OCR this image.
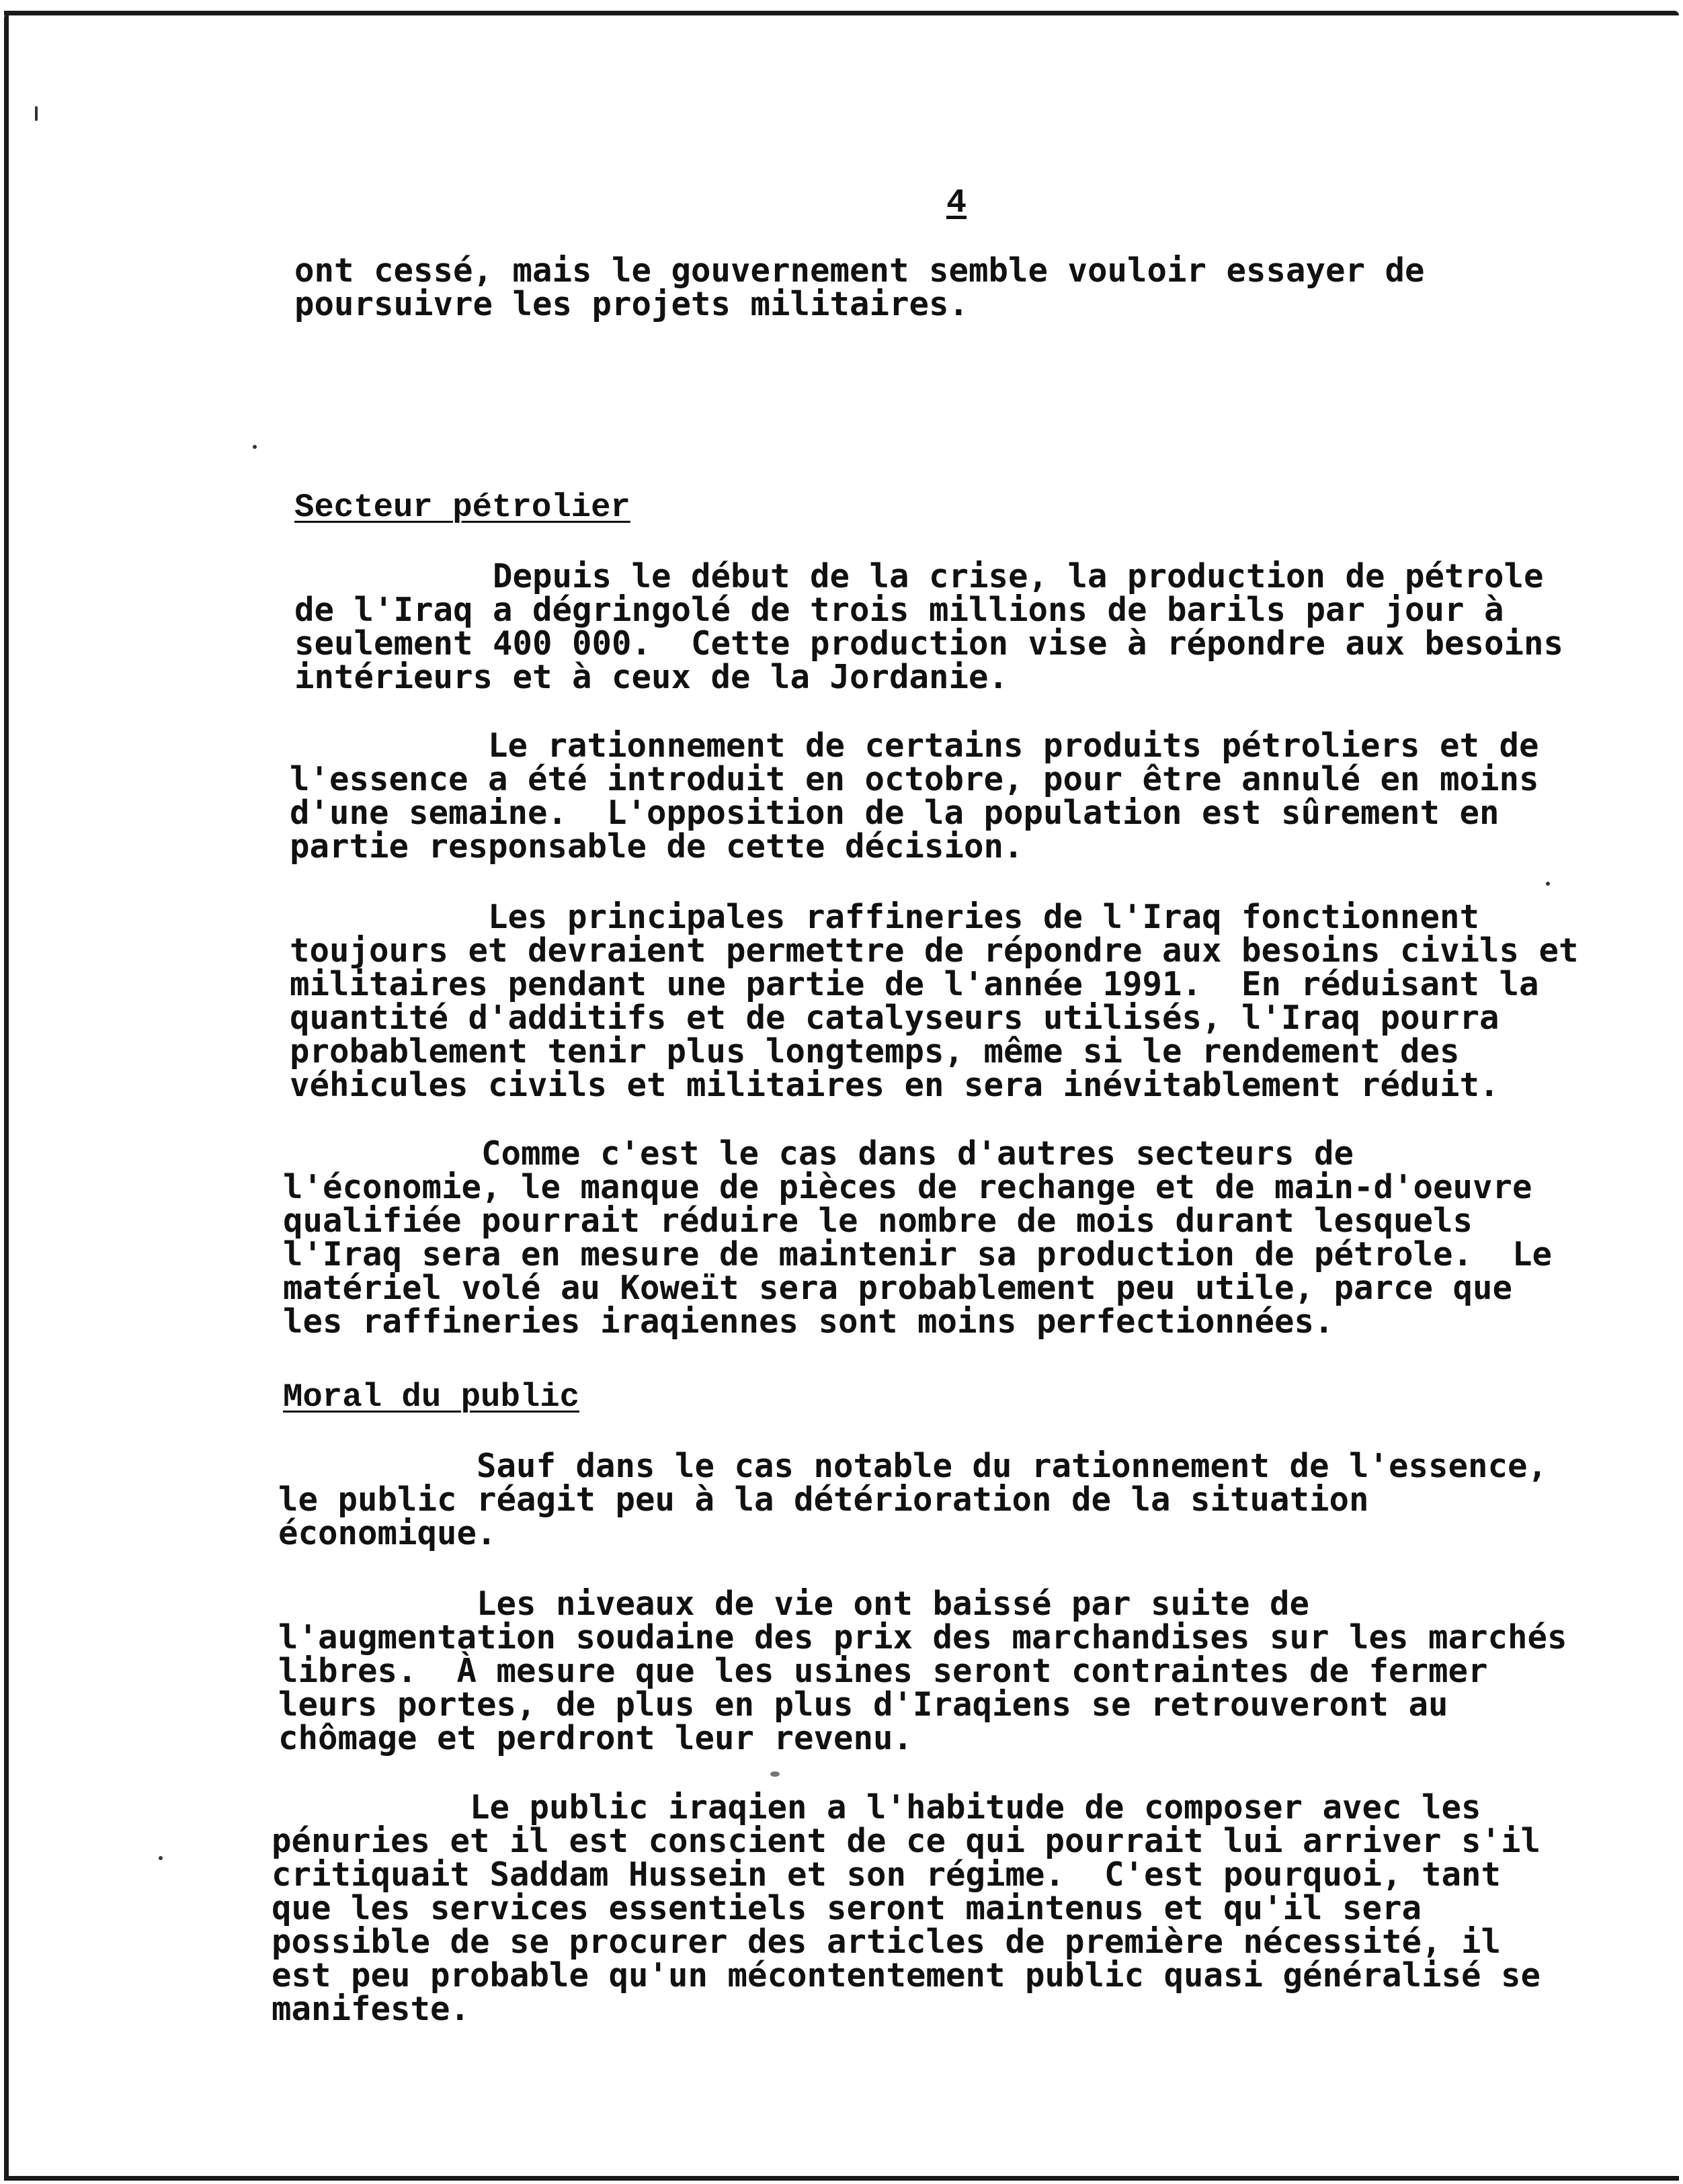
4
ont cessé, mais le gouvernement semble vouloir essayer de
poursuivre les projets militaires.
Secteur pétrolier
Depuis le début de la crise, la production de pétrole
de l'Iraq a dégringolé de trois millions de barils par jour à
seulement 400 000.  Cette production vise à répondre aux besoins
intérieurs et à ceux de la Jordanie.
Le rationnement de certains produits pétroliers et de
l'essence a été introduit en octobre, pour être annulé en moins
d'une semaine.  L'opposition de la population est sûrement en
partie responsable de cette décision.
Les principales raffineries de l'Iraq fonctionnent
toujours et devraient permettre de répondre aux besoins civils et
militaires pendant une partie de l'année 1991.  En réduisant la
quantité d'additifs et de catalyseurs utilisés, l'Iraq pourra
probablement tenir plus longtemps, même si le rendement des
véhicules civils et militaires en sera inévitablement réduit.
Comme c'est le cas dans d'autres secteurs de
l'économie, le manque de pièces de rechange et de main-d'oeuvre
qualifiée pourrait réduire le nombre de mois durant lesquels
l'Iraq sera en mesure de maintenir sa production de pétrole.  Le
matériel volé au Koweït sera probablement peu utile, parce que
les raffineries iraqiennes sont moins perfectionnées.
Moral du public
Sauf dans le cas notable du rationnement de l'essence,
le public réagit peu à la détérioration de la situation
économique.
Les niveaux de vie ont baissé par suite de
l'augmentation soudaine des prix des marchandises sur les marchés
libres.  À mesure que les usines seront contraintes de fermer
leurs portes, de plus en plus d'Iraqiens se retrouveront au
chômage et perdront leur revenu.
Le public iraqien a l'habitude de composer avec les
pénuries et il est conscient de ce qui pourrait lui arriver s'il
critiquait Saddam Hussein et son régime.  C'est pourquoi, tant
que les services essentiels seront maintenus et qu'il sera
possible de se procurer des articles de première nécessité, il
est peu probable qu'un mécontentement public quasi généralisé se
manifeste.
